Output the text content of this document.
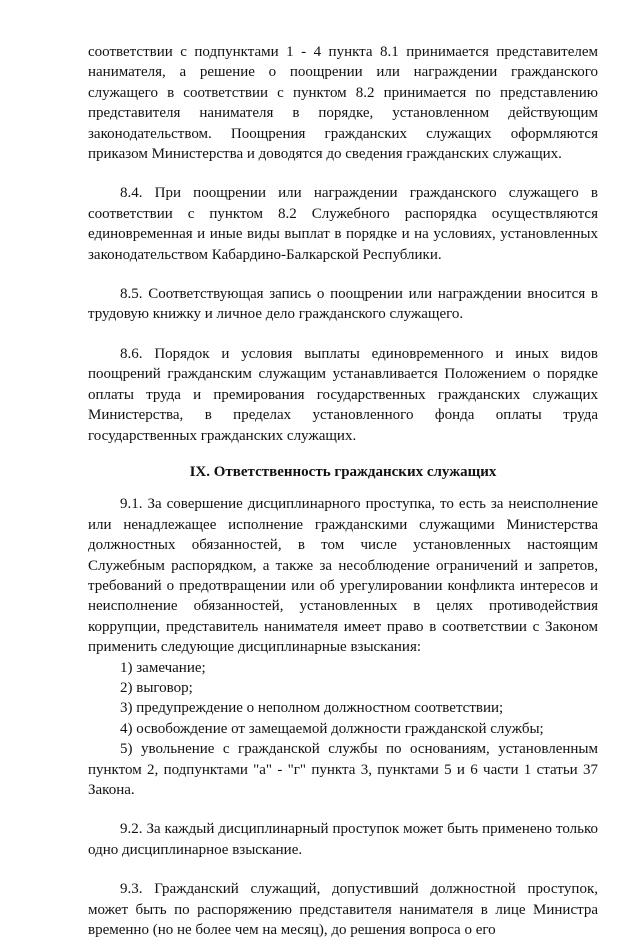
соответствии с подпунктами 1 - 4 пункта 8.1 принимается представителем нанимателя, а решение о поощрении или награждении гражданского служащего в соответствии с пунктом 8.2 принимается по представлению представителя нанимателя в порядке, установленном действующим законодательством. Поощрения гражданских служащих оформляются приказом Министерства и доводятся до сведения гражданских служащих.

8.4. При поощрении или награждении гражданского служащего в соответствии с пунктом 8.2 Служебного распорядка осуществляются единовременная и иные виды выплат в порядке и на условиях, установленных законодательством Кабардино-Балкарской Республики.

8.5. Соответствующая запись о поощрении или награждении вносится в трудовую книжку и личное дело гражданского служащего.

8.6. Порядок и условия выплаты единовременного и иных видов поощрений гражданским служащим устанавливается Положением о порядке оплаты труда и премирования государственных гражданских служащих Министерства, в пределах установленного фонда оплаты труда государственных гражданских служащих.

IX. Ответственность гражданских служащих

9.1. За совершение дисциплинарного проступка, то есть за неисполнение или ненадлежащее исполнение гражданскими служащими Министерства должностных обязанностей, в том числе установленных настоящим Служебным распорядком, а также за несоблюдение ограничений и запретов, требований о предотвращении или об урегулировании конфликта интересов и неисполнение обязанностей, установленных в целях противодействия коррупции, представитель нанимателя имеет право в соответствии с Законом применить следующие дисциплинарные взыскания:

1) замечание;

2) выговор;

3) предупреждение о неполном должностном соответствии;

4) освобождение от замещаемой должности гражданской службы;

5) увольнение с гражданской службы по основаниям, установленным пунктом 2, подпунктами "а" - "г" пункта 3, пунктами 5 и 6 части 1 статьи 37 Закона.

9.2. За каждый дисциплинарный проступок может быть применено только одно дисциплинарное взыскание.

9.3. Гражданский служащий, допустивший должностной проступок, может быть по распоряжению представителя нанимателя в лице Министра временно (но не более чем на месяц), до решения вопроса о его
